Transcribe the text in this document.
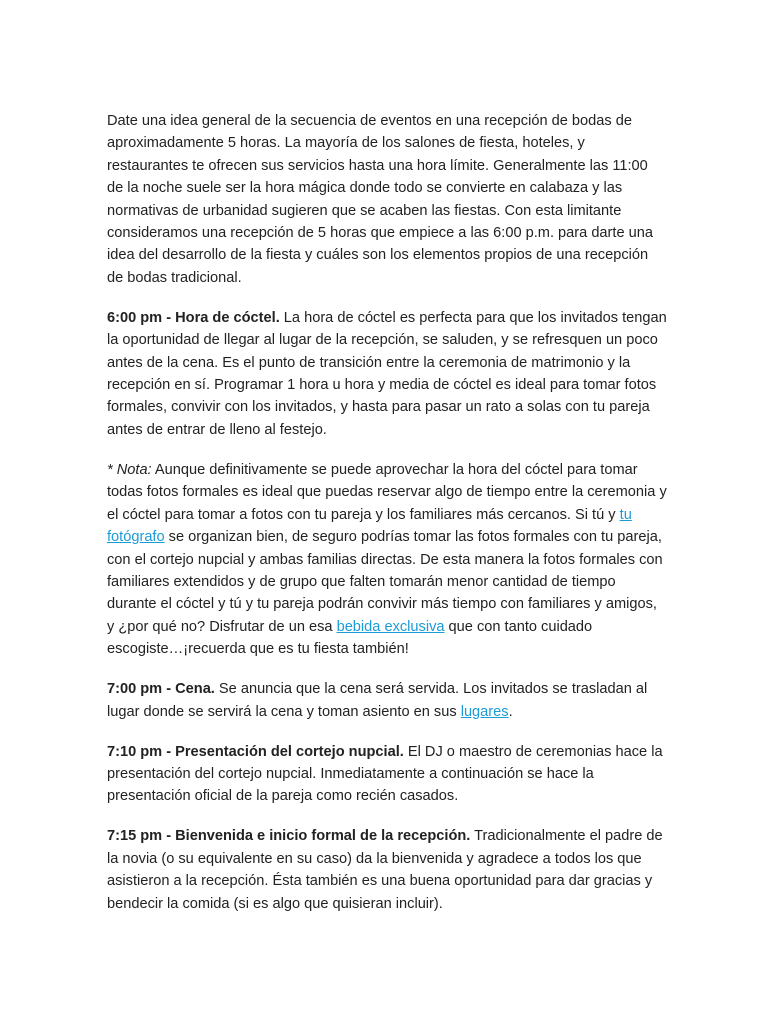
Date una idea general de la secuencia de eventos en una recepción de bodas de aproximadamente 5 horas. La mayoría de los salones de fiesta, hoteles, y restaurantes te ofrecen sus servicios hasta una hora límite. Generalmente las 11:00 de la noche suele ser la hora mágica donde todo se convierte en calabaza y las normativas de urbanidad sugieren que se acaben las fiestas. Con esta limitante consideramos una recepción de 5 horas que empiece a las 6:00 p.m. para darte una idea del desarrollo de la fiesta y cuáles son los elementos propios de una recepción de bodas tradicional.

6:00 pm - Hora de cóctel. La hora de cóctel es perfecta para que los invitados tengan la oportunidad de llegar al lugar de la recepción, se saluden, y se refresquen un poco antes de la cena. Es el punto de transición entre la ceremonia de matrimonio y la recepción en sí. Programar 1 hora u hora y media de cóctel es ideal para tomar fotos formales, convivir con los invitados, y hasta para pasar un rato a solas con tu pareja antes de entrar de lleno al festejo.

* Nota: Aunque definitivamente se puede aprovechar la hora del cóctel para tomar todas fotos formales es ideal que puedas reservar algo de tiempo entre la ceremonia y el cóctel para tomar a fotos con tu pareja y los familiares más cercanos. Si tú y tu fotógrafo se organizan bien, de seguro podrías tomar las fotos formales con tu pareja, con el cortejo nupcial y ambas familias directas. De esta manera la fotos formales con familiares extendidos y de grupo que falten tomarán menor cantidad de tiempo durante el cóctel y tú y tu pareja podrán convivir más tiempo con familiares y amigos, y ¿por qué no? Disfrutar de un esa bebida exclusiva que con tanto cuidado escogiste…¡recuerda que es tu fiesta también!

7:00 pm - Cena. Se anuncia que la cena será servida. Los invitados se trasladan al lugar donde se servirá la cena y toman asiento en sus lugares.

7:10 pm - Presentación del cortejo nupcial. El DJ o maestro de ceremonias hace la presentación del cortejo nupcial. Inmediatamente a continuación se hace la presentación oficial de la pareja como recién casados.

7:15 pm - Bienvenida e inicio formal de la recepción. Tradicionalmente el padre de la novia (o su equivalente en su caso) da la bienvenida y agradece a todos los que asistieron a la recepción. Ésta también es una buena oportunidad para dar gracias y bendecir la comida (si es algo que quisieran incluir).
